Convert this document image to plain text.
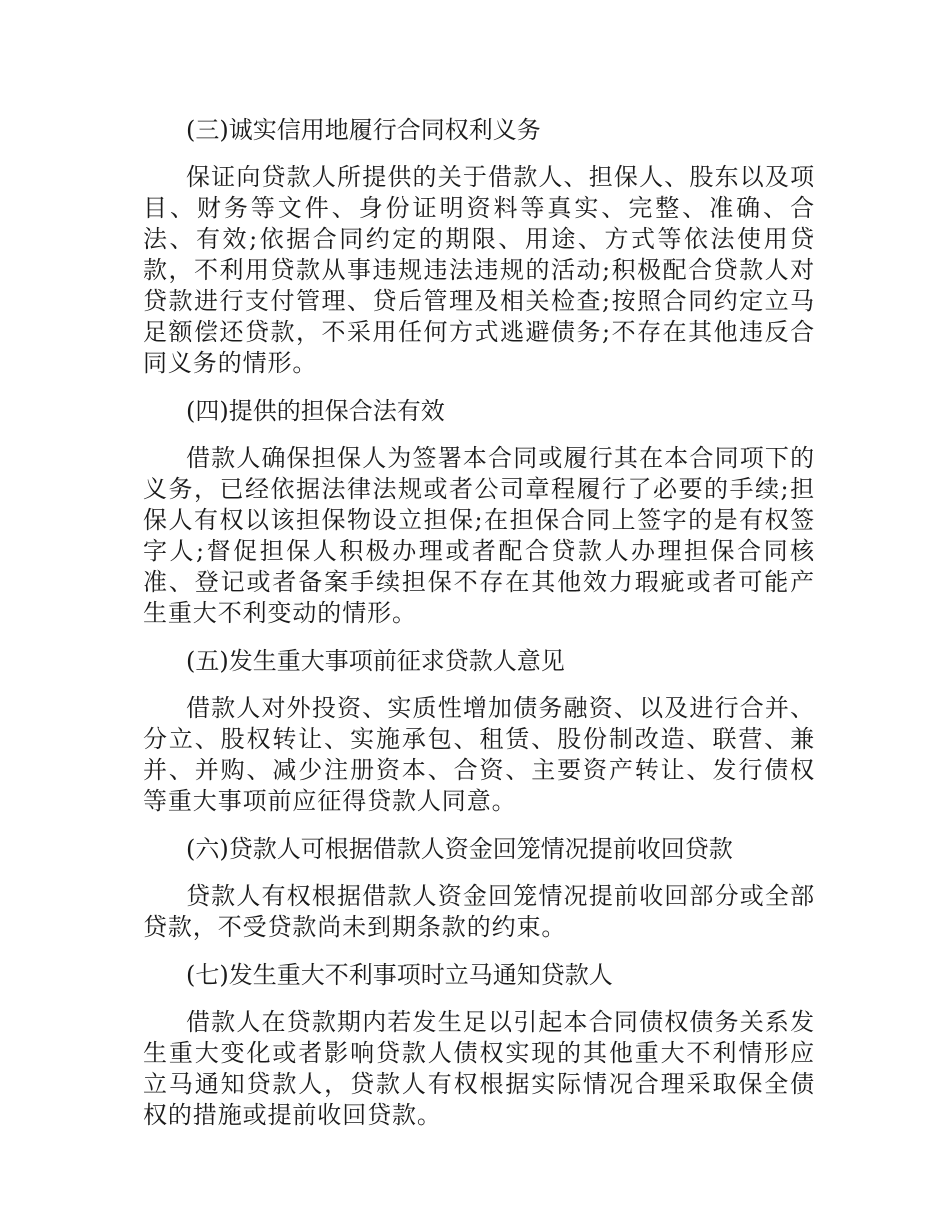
(三)诚实信用地履行合同权利义务
保证向贷款人所提供的关于借款人、担保人、股东以及项目、财务等文件、身份证明资料等真实、完整、准确、合法、有效;依据合同约定的期限、用途、方式等依法使用贷款，不利用贷款从事违规违法违规的活动;积极配合贷款人对贷款进行支付管理、贷后管理及相关检查;按照合同约定立马足额偿还贷款，不采用任何方式逃避债务;不存在其他违反合同义务的情形。
(四)提供的担保合法有效
借款人确保担保人为签署本合同或履行其在本合同项下的义务，已经依据法律法规或者公司章程履行了必要的手续;担保人有权以该担保物设立担保;在担保合同上签字的是有权签字人;督促担保人积极办理或者配合贷款人办理担保合同核准、登记或者备案手续担保不存在其他效力瑕疵或者可能产生重大不利变动的情形。
(五)发生重大事项前征求贷款人意见
借款人对外投资、实质性增加债务融资、以及进行合并、分立、股权转让、实施承包、租赁、股份制改造、联营、兼并、并购、减少注册资本、合资、主要资产转让、发行债权等重大事项前应征得贷款人同意。
(六)贷款人可根据借款人资金回笼情况提前收回贷款
贷款人有权根据借款人资金回笼情况提前收回部分或全部贷款，不受贷款尚未到期条款的约束。
(七)发生重大不利事项时立马通知贷款人
借款人在贷款期内若发生足以引起本合同债权债务关系发生重大变化或者影响贷款人债权实现的其他重大不利情形应立马通知贷款人，贷款人有权根据实际情况合理采取保全债权的措施或提前收回贷款。
